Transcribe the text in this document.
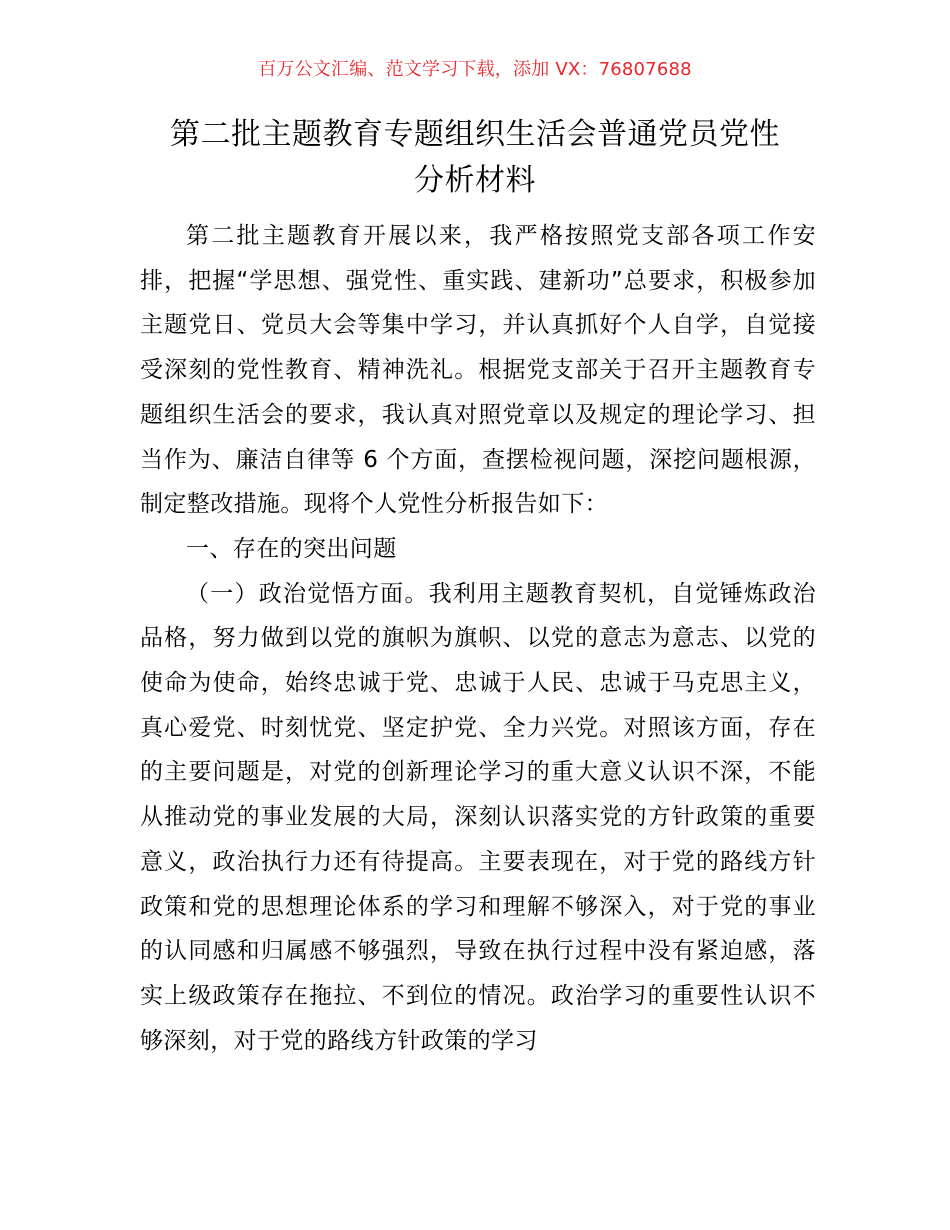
百万公文汇编、范文学习下载，添加 VX：76807688
第二批主题教育专题组织生活会普通党员党性
分析材料

第二批主题教育开展以来，我严格按照党支部各项工作安排，把握“学思想、强党性、重实践、建新功”总要求，积极参加主题党日、党员大会等集中学习，并认真抓好个人自学，自觉接受深刻的党性教育、精神洗礼。根据党支部关于召开主题教育专题组织生活会的要求，我认真对照党章以及规定的理论学习、担当作为、廉洁自律等 6 个方面，查摆检视问题，深挖问题根源，制定整改措施。现将个人党性分析报告如下：

一、存在的突出问题

（一）政治觉悟方面。我利用主题教育契机，自觉锤炼政治品格，努力做到以党的旗帜为旗帜、以党的意志为意志、以党的使命为使命，始终忠诚于党、忠诚于人民、忠诚于马克思主义，真心爱党、时刻忧党、坚定护党、全力兴党。对照该方面，存在的主要问题是，对党的创新理论学习的重大意义认识不深，不能从推动党的事业发展的大局，深刻认识落实党的方针政策的重要意义，政治执行力还有待提高。主要表现在，对于党的路线方针政策和党的思想理论体系的学习和理解不够深入，对于党的事业的认同感和归属感不够强烈，导致在执行过程中没有紧迫感，落实上级政策存在拖拉、不到位的情况。政治学习的重要性认识不够深刻，对于党的路线方针政策的学习
